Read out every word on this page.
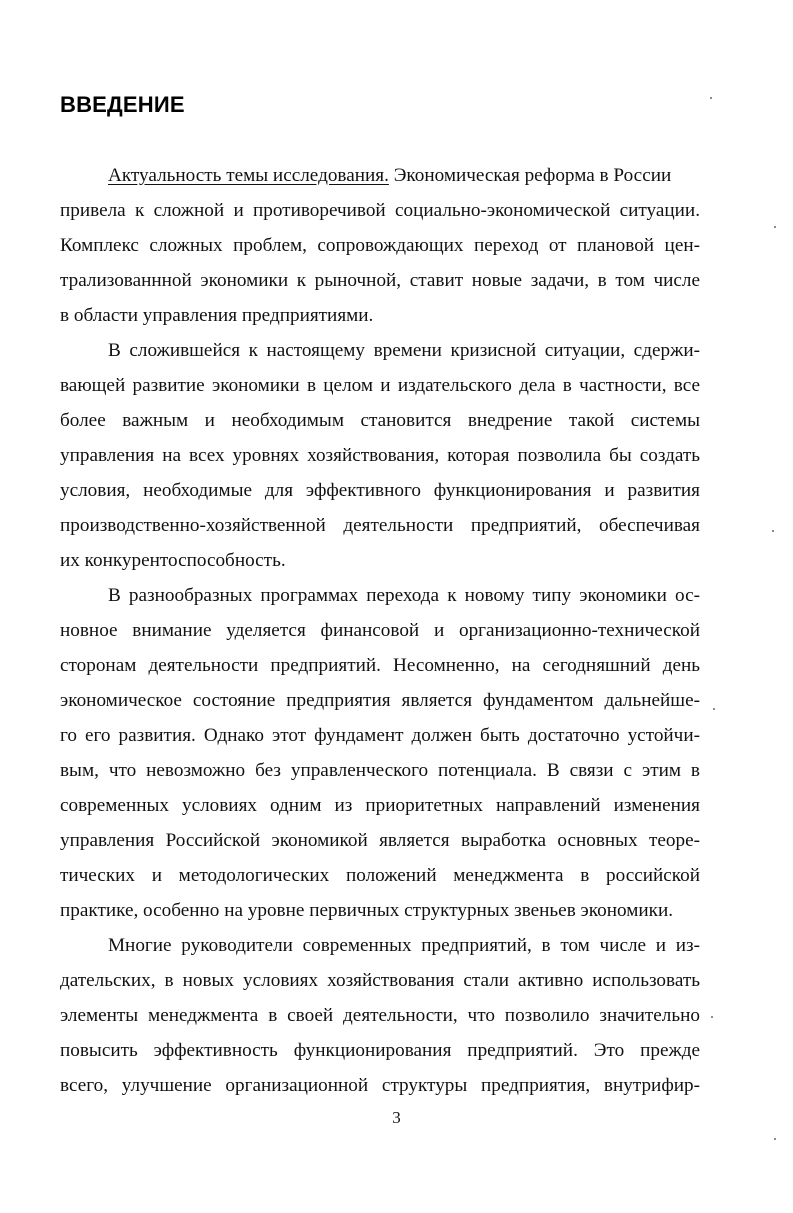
ВВЕДЕНИЕ
Актуальность темы исследования. Экономическая реформа в России
привела к сложной и противоречивой социально-экономической ситуации.
Комплекс сложных проблем, сопровождающих переход от плановой цен-
трализованнной экономики к рыночной, ставит новые задачи, в том числе
в области управления предприятиями.
В сложившейся к настоящему времени кризисной ситуации, сдержи-
вающей развитие экономики в целом и издательского дела в частности, все
более важным и необходимым становится внедрение такой системы
управления на всех уровнях хозяйствования, которая позволила бы создать
условия, необходимые для эффективного функционирования и развития
производственно-хозяйственной деятельности предприятий, обеспечивая
их конкурентоспособность.
В разнообразных программах перехода к новому типу экономики ос-
новное внимание уделяется финансовой и организационно-технической
сторонам деятельности предприятий. Несомненно, на сегодняшний день
экономическое состояние предприятия является фундаментом дальнейше-
го его развития. Однако этот фундамент должен быть достаточно устойчи-
вым, что невозможно без управленческого потенциала. В связи с этим в
современных условиях одним из приоритетных направлений изменения
управления Российской экономикой является выработка основных теоре-
тических и методологических положений менеджмента в российской
практике, особенно на уровне первичных структурных звеньев экономики.
Многие руководители современных предприятий, в том числе и из-
дательских, в новых условиях хозяйствования стали активно использовать
элементы менеджмента в своей деятельности, что позволило значительно
повысить эффективность функционирования предприятий. Это прежде
всего, улучшение организационной структуры предприятия, внутрифир-
3
